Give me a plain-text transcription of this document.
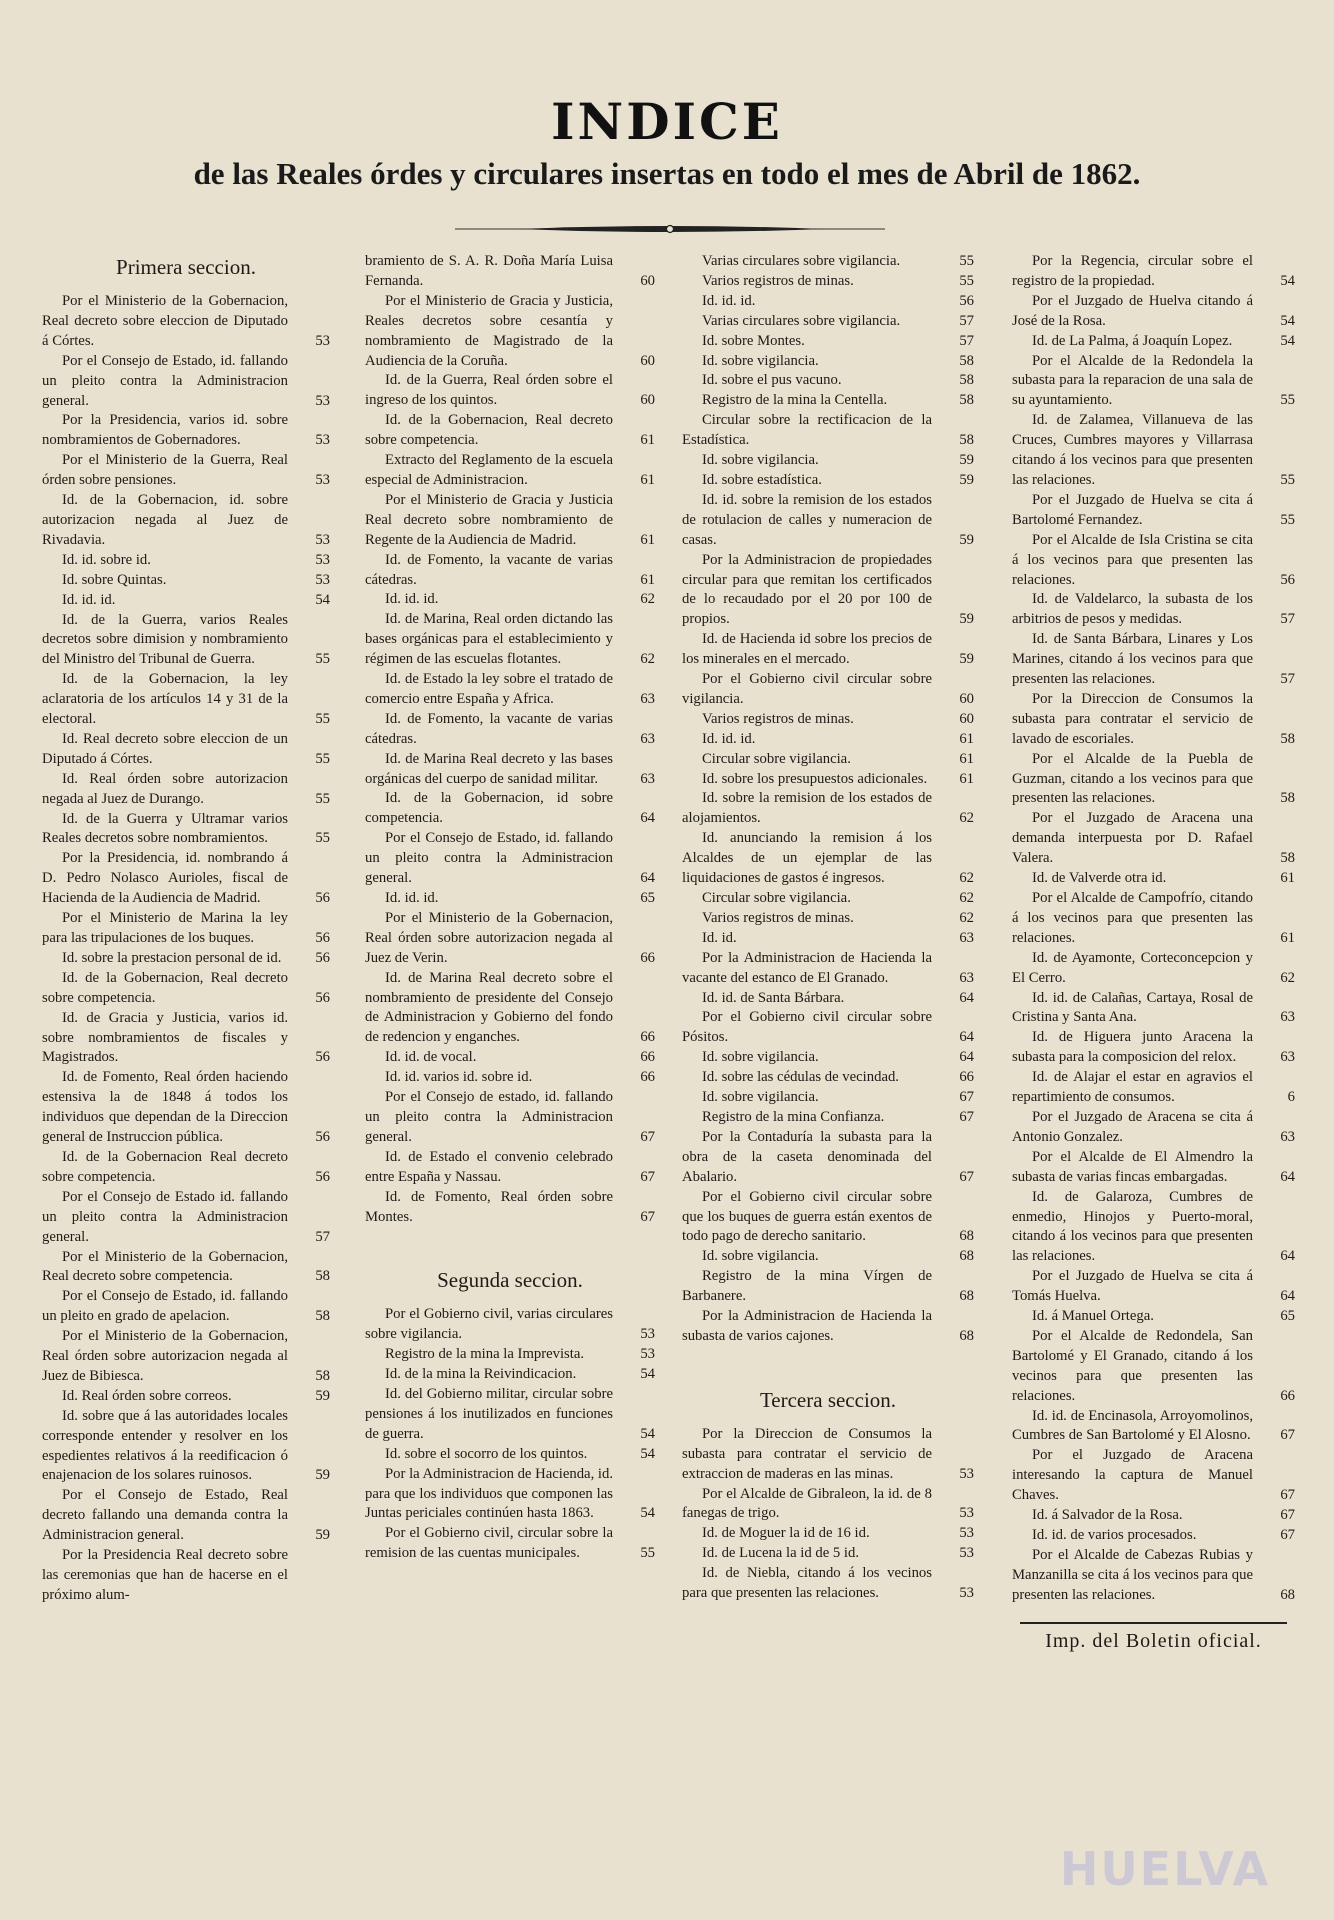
INDICE
de las Reales órdes y circulares insertas en todo el mes de Abril de 1862.
Primera seccion.
Por el Ministerio de la Gobernacion, Real decreto sobre eleccion de Diputado á Córtes.	53
Por el Consejo de Estado, id. fallando un pleito contra la Administracion general.	53
Por la Presidencia, varios id. sobre nombramientos de Gobernadores.	53
Por el Ministerio de la Guerra, Real órden sobre pensiones.	53
Id. de la Gobernacion, id. sobre autorizacion negada al Juez de Rivadavia.	53
Id. id. sobre id.	53
Id. sobre Quintas.	53
Id. id. id.	54
Id. de la Guerra, varios Reales decretos sobre dimision y nombramiento del Ministro del Tribunal de Guerra.	55
Id. de la Gobernacion, la ley aclaratoria de los artículos 14 y 31 de la electoral.	55
Id. Real decreto sobre eleccion de un Diputado á Córtes.	55
Id. Real órden sobre autorizacion negada al Juez de Durango.	55
Id. de la Guerra y Ultramar varios Reales decretos sobre nombramientos.	55
Por la Presidencia, id. nombrando á D. Pedro Nolasco Aurioles, fiscal de Hacienda de la Audiencia de Madrid.	56
Por el Ministerio de Marina la ley para las tripulaciones de los buques.	56
Id. sobre la prestacion personal de id. 56
Id. de la Gobernacion, Real decreto sobre competencia.	56
Id. de Gracia y Justicia, varios id. sobre nombramientos de fiscales y Magistrados.	56
Id. de Fomento, Real órden haciendo estensiva la de 1848 á todos los individuos que dependan de la Direccion general de Instruccion pública.	56
Id. de la Gobernacion Real decreto sobre competencia.	56
Por el Consejo de Estado id. fallando un pleito contra la Administracion general.	57
Por el Ministerio de la Gobernacion, Real decreto sobre competencia.	58
Por el Consejo de Estado, id. fallando un pleito en grado de apelacion.	58
Por el Ministerio de la Gobernacion, Real órden sobre autorizacion negada al Juez de Bibiesca.	58
Id. Real órden sobre correos.	59
Id. sobre que á las autoridades locales corresponde entender y resolver en los espedientes relativos á la reedificacion ó enajenacion de los solares ruinosos.	59
Por el Consejo de Estado, Real decreto fallando una demanda contra la Administracion general.	59
Por la Presidencia Real decreto sobre las ceremonias que han de hacerse en el próximo alum-
bramiento de S. A. R. Doña María Luisa Fernanda.	60
Por el Ministerio de Gracia y Justicia, Reales decretos sobre cesantía y nombramiento de Magistrado de la Audiencia de la Coruña.	60
Id. de la Guerra, Real órden sobre el ingreso de los quintos.	60
Id. de la Gobernacion, Real decreto sobre competencia.	61
Extracto del Reglamento de la escuela especial de Administracion.	61
Por el Ministerio de Gracia y Justicia Real decreto sobre nombramiento de Regente de la Audiencia de Madrid.	61
Id. de Fomento, la vacante de varias cátedras.	61
Id. id. id.	62
Id. de Marina, Real orden dictando las bases orgánicas para el establecimiento y régimen de las escuelas flotantes.	62
Id. de Estado la ley sobre el tratado de comercio entre España y Africa.	63
Id. de Fomento, la vacante de varias cátedras.	63
Id. de Marina Real decreto y las bases orgánicas del cuerpo de sanidad militar.	63
Id. de la Gobernacion, id sobre competencia.	64
Por el Consejo de Estado, id. fallando un pleito contra la Administracion general.	64
Id. id. id.	65
Por el Ministerio de la Gobernacion, Real órden sobre autorizacion negada al Juez de Verin.	66
Id. de Marina Real decreto sobre el nombramiento de presidente del Consejo de Administracion y Gobierno del fondo de redencion y enganches.	66
Id. id. de vocal.	66
Id. id. varios id. sobre id.	66
Por el Consejo de estado, id. fallando un pleito contra la Administracion general.	67
Id. de Estado el convenio celebrado entre España y Nassau.	67
Id. de Fomento, Real órden sobre Montes.	67
Segunda seccion.
Por el Gobierno civil, varias circulares sobre vigilancia.	53
Registro de la mina la Imprevista.	53
Id. de la mina la Reivindicacion.	54
Id. del Gobierno militar, circular sobre pensiones á los inutilizados en funciones de guerra.	54
Id. sobre el socorro de los quintos.	54
Por la Administracion de Hacienda, id. para que los individuos que componen las Juntas periciales continúen hasta 1863.	54
Por el Gobierno civil, circular sobre la remision de las cuentas municipales.	55
Varias circulares sobre vigilancia.	55
Varios registros de minas.	55
Id. id. id.	56
Varias circulares sobre vigilancia.	57
Id. sobre Montes.	57
Id. sobre vigilancia.	58
Id. sobre el pus vacuno.	58
Registro de la mina la Centella.	58
Circular sobre la rectificacion de la Estadística.	58
Id. sobre vigilancia.	59
Id. sobre estadística.	59
Id. id. sobre la remision de los estados de rotulacion de calles y numeracion de casas.	59
Por la Administracion de propiedades circular para que remitan los certificados de lo recaudado por el 20 por 100 de propios.	59
Id. de Hacienda id sobre los precios de los minerales en el mercado.	59
Por el Gobierno civil circular sobre vigilancia.	60
Varios registros de minas.	60
Id. id. id.	61
Circular sobre vigilancia.	61
Id. sobre los presupuestos adicionales. 61
Id. sobre la remision de los estados de alojamientos.	62
Id. anunciando la remision á los Alcaldes de un ejemplar de las liquidaciones de gastos é ingresos.	62
Circular sobre vigilancia.	62
Varios registros de minas.	62
Id. id.	63
Por la Administracion de Hacienda la vacante del estanco de El Granado.	63
Id. id. de Santa Bárbara.	64
Por el Gobierno civil circular sobre Pósitos.	64
Id. sobre vigilancia.	64
Id. sobre las cédulas de vecindad.	66
Id. sobre vigilancia.	67
Registro de la mina Confianza.	67
Por la Contaduría la subasta para la obra de la caseta denominada del Abalario.	67
Por el Gobierno civil circular sobre que los buques de guerra están exentos de todo pago de derecho sanitario.	68
Id. sobre vigilancia.	68
Registro de la mina Vírgen de Barbanere.	68
Por la Administracion de Hacienda la subasta de varios cajones.	68
Tercera seccion.
Por la Direccion de Consumos la subasta para contratar el servicio de extraccion de maderas en las minas.	53
Por el Alcalde de Gibraleon, la id. de 8 fanegas de trigo.	53
Id. de Moguer la id de 16 id.	53
Id. de Lucena la id de 5 id.	53
Id. de Niebla, citando á los vecinos para que presenten las relaciones.	53
Por la Regencia, circular sobre el registro de la propiedad.	54
Por el Juzgado de Huelva citando á José de la Rosa.	54
Id. de La Palma, á Joaquín Lopez.	54
Por el Alcalde de la Redondela la subasta para la reparacion de una sala de su ayuntamiento.	55
Id. de Zalamea, Villanueva de las Cruces, Cumbres mayores y Villarrasa citando á los vecinos para que presenten las relaciones.	55
Por el Juzgado de Huelva se cita á Bartolomé Fernandez.	55
Por el Alcalde de Isla Cristina se cita á los vecinos para que presenten las relaciones.	56
Id. de Valdelarco, la subasta de los arbitrios de pesos y medidas.	57
Id. de Santa Bárbara, Linares y Los Marines, citando á los vecinos para que presenten las relaciones.	57
Por la Direccion de Consumos la subasta para contratar el servicio de lavado de escoriales.	58
Por el Alcalde de la Puebla de Guzman, citando a los vecinos para que presenten las relaciones.	58
Por el Juzgado de Aracena una demanda interpuesta por D. Rafael Valera.	58
Id. de Valverde otra id.	61
Por el Alcalde de Campofrío, citando á los vecinos para que presenten las relaciones.	61
Id. de Ayamonte, Corteconcepcion y El Cerro.	62
Id. id. de Calañas, Cartaya, Rosal de Cristina y Santa Ana.	63
Id. de Higuera junto Aracena la subasta para la composicion del relox.	63
Id. de Alajar el estar en agravios el repartimiento de consumos.	6
Por el Juzgado de Aracena se cita á Antonio Gonzalez.	63
Por el Alcalde de El Almendro la subasta de varias fincas embargadas.	64
Id. de Galaroza, Cumbres de enmedio, Hinojos y Puerto-moral, citando á los vecinos para que presenten las relaciones.	64
Por el Juzgado de Huelva se cita á Tomás Huelva.	64
Id. á Manuel Ortega.	65
Por el Alcalde de Redondela, San Bartolomé y El Granado, citando á los vecinos para que presenten las relaciones.	66
Id. id. de Encinasola, Arroyomolinos, Cumbres de San Bartolomé y El Alosno. 67
Por el Juzgado de Aracena interesando la captura de Manuel Chaves.	67
Id. á Salvador de la Rosa.	67
Id. id. de varios procesados.	67
Por el Alcalde de Cabezas Rubias y Manzanilla se cita á los vecinos para que presenten las relaciones.	68
Imp. del Boletin oficial.
HUELVA
